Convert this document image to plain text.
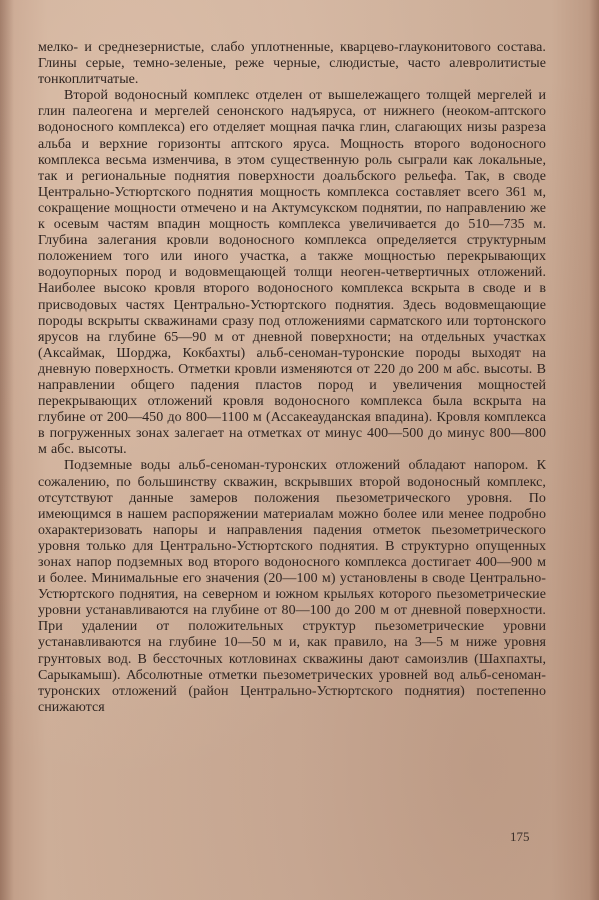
мелко- и среднезернистые, слабо уплотненные, кварцево-глауконитового состава. Глины серые, темно-зеленые, реже черные, слюдистые, часто алевролитистые тонкоплитчатые.

Второй водоносный комплекс отделен от вышележащего толщей мергелей и глин палеогена и мергелей сенонского надъяруса, от нижнего (неоком-аптского водоносного комплекса) его отделяет мощная пачка глин, слагающих низы разреза альба и верхние горизонты аптского яруса. Мощность второго водоносного комплекса весьма изменчива, в этом существенную роль сыграли как локальные, так и региональные поднятия поверхности доальбского рельефа. Так, в своде Центрально-Устюртского поднятия мощность комплекса составляет всего 361 м, сокращение мощности отмечено и на Актумсукском поднятии, по направлению же к осевым частям впадин мощность комплекса увеличивается до 510—735 м. Глубина залегания кровли водоносного комплекса определяется структурным положением того или иного участка, а также мощностью перекрывающих водоупорных пород и водовмещающей толщи неоген-четвертичных отложений. Наиболее высоко кровля второго водоносного комплекса вскрыта в своде и в присводовых частях Центрально-Устюртского поднятия. Здесь водовмещающие породы вскрыты скважинами сразу под отложениями сарматского или тортонского ярусов на глубине 65—90 м от дневной поверхности; на отдельных участках (Аксаймак, Шорджа, Кокбахты) альб-сеноман-туронские породы выходят на дневную поверхность. Отметки кровли изменяются от 220 до 200 м абс. высоты. В направлении общего падения пластов пород и увеличения мощностей перекрывающих отложений кровля водоносного комплекса была вскрыта на глубине от 200—450 до 800—1100 м (Ассакеауданская впадина). Кровля комплекса в погруженных зонах залегает на отметках от минус 400—500 до минус 800—800 м абс. высоты.

Подземные воды альб-сеноман-туронских отложений обладают напором. К сожалению, по большинству скважин, вскрывших второй водоносный комплекс, отсутствуют данные замеров положения пьезометрического уровня. По имеющимся в нашем распоряжении материалам можно более или менее подробно охарактеризовать напоры и направления падения отметок пьезометрического уровня только для Центрально-Устюртского поднятия. В структурно опущенных зонах напор подземных вод второго водоносного комплекса достигает 400—900 м и более. Минимальные его значения (20—100 м) установлены в своде Центрально-Устюртского поднятия, на северном и южном крыльях которого пьезометрические уровни устанавливаются на глубине от 80—100 до 200 м от дневной поверхности. При удалении от положительных структур пьезометрические уровни устанавливаются на глубине 10—50 м и, как правило, на 3—5 м ниже уровня грунтовых вод. В бессточных котловинах скважины дают самоизлив (Шахпахты, Сарыкамыш). Абсолютные отметки пьезометрических уровней вод альб-сеноман-туронских отложений (район Центрально-Устюртского поднятия) постепенно снижаются

175
